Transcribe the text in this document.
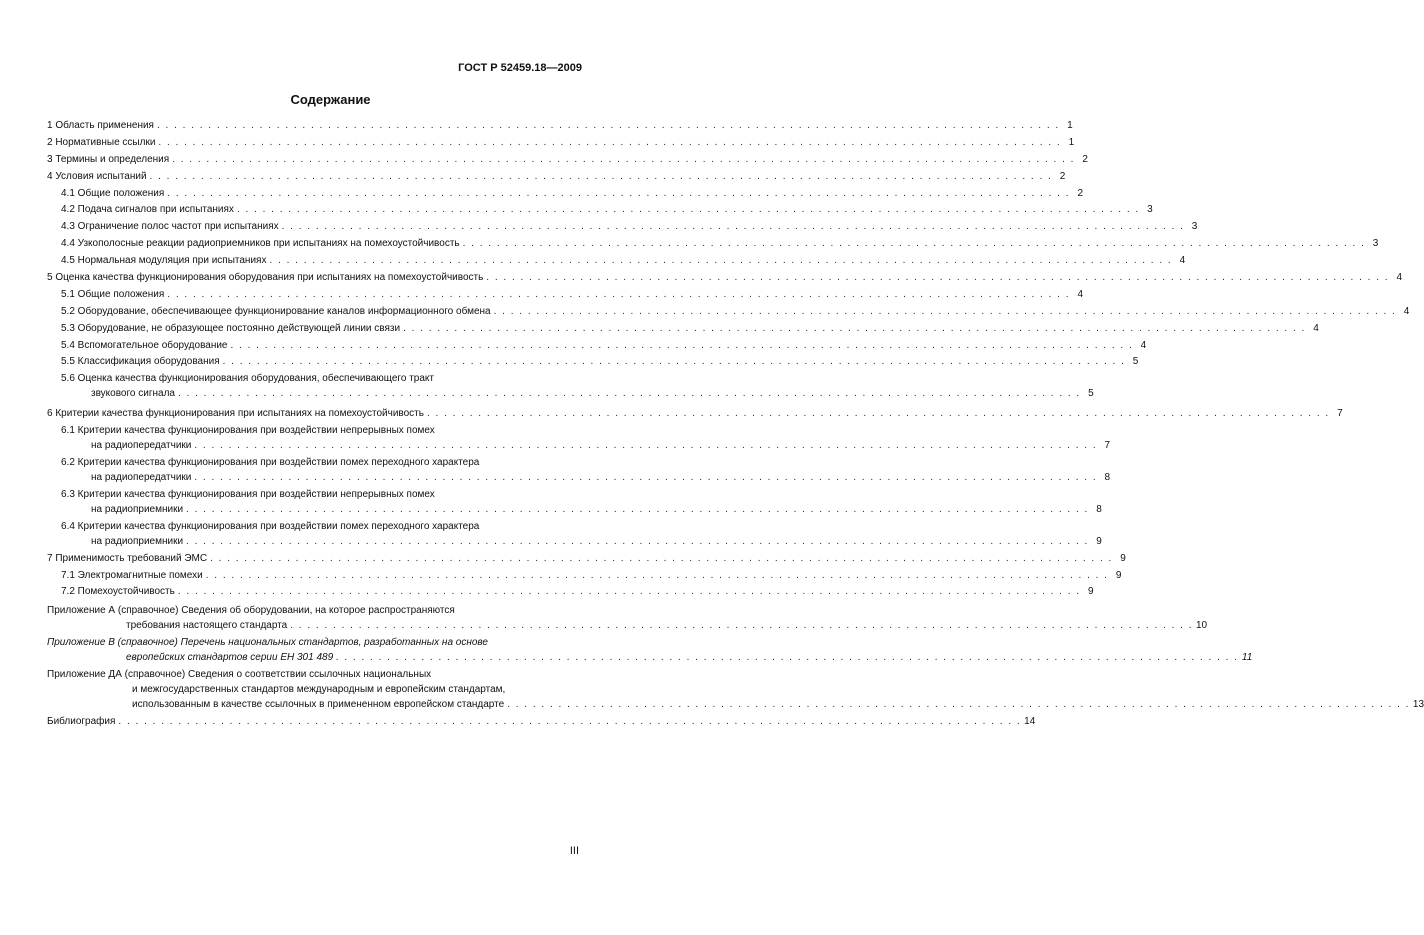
ГОСТ Р 52459.18—2009
Содержание
1 Область применения . . . . . . . . . . . . . . . . . . . . . . . . . . . . . . . . . . . . . . . . . . . . . . . . . . . . . . . . . . . . . . . . . . . . . . . . . . . . . . . . . . . . . . . . . . . . . . . . . . . . . . . . . . 1
2 Нормативные ссылки . . . . . . . . . . . . . . . . . . . . . . . . . . . . . . . . . . . . . . . . . . . . . . . . . . . . . . . . . . . . . . . . . . . . . . . . . . . . . . . . . . . . . . . . . . . . . . . . . . . . . . . . . . 1
3 Термины и определения . . . . . . . . . . . . . . . . . . . . . . . . . . . . . . . . . . . . . . . . . . . . . . . . . . . . . . . . . . . . . . . . . . . . . . . . . . . . . . . . . . . . . . . . . . . . . . . . . . . . . . . . . . 2
4 Условия испытаний . . . . . . . . . . . . . . . . . . . . . . . . . . . . . . . . . . . . . . . . . . . . . . . . . . . . . . . . . . . . . . . . . . . . . . . . . . . . . . . . . . . . . . . . . . . . . . . . . . . . . . . . . . 2
4.1 Общие положения . . . . . . . . . . . . . . . . . . . . . . . . . . . . . . . . . . . . . . . . . . . . . . . . . . . . . . . . . . . . . . . . . . . . . . . . . . . . . . . . . . . . . . . . . . . . . . . . . . . . . . . . . . 2
4.2 Подача сигналов при испытаниях . . . . . . . . . . . . . . . . . . . . . . . . . . . . . . . . . . . . . . . . . . . . . . . . . . . . . . . . . . . . . . . . . . . . . . . . . . . . . . . . . . . . . . . . . . . . . . . . . . . . . . . . . . 3
4.3 Ограничение полос частот при испытаниях . . . . . . . . . . . . . . . . . . . . . . . . . . . . . . . . . . . . . . . . . . . . . . . . . . . . . . . . . . . . . . . . . . . . . . . . . . . . . . . . . . . . . . . . . . . . . . . . . . . . . . . . . . 3
4.4 Узкополосные реакции радиоприемников при испытаниях на помехоустойчивость . . . . . . . . . . . . . . . . . . . . . . . . . . . . . . . . . . . . . . . . . . . . . . . . . . . . . . . . . . . . . . . . . . . . . . . . . . . . . . . . . . . . . . . . . . . . . . . . . . . . . . . . . . 3
4.5 Нормальная модуляция при испытаниях . . . . . . . . . . . . . . . . . . . . . . . . . . . . . . . . . . . . . . . . . . . . . . . . . . . . . . . . . . . . . . . . . . . . . . . . . . . . . . . . . . . . . . . . . . . . . . . . . . . . . . . . . . 4
5 Оценка качества функционирования оборудования при испытаниях на помехоустойчивость . . . . . . . . . . . . . . . . . . . . . . . . . . . . . . . . . . . . . . . . . . . . . . . . . . . . . . . . . . . . . . . . . . . . . . . . . . . . . . . . . . . . . . . . . . . . . . . . . . . . . . . . . . 4
5.1 Общие положения . . . . . . . . . . . . . . . . . . . . . . . . . . . . . . . . . . . . . . . . . . . . . . . . . . . . . . . . . . . . . . . . . . . . . . . . . . . . . . . . . . . . . . . . . . . . . . . . . . . . . . . . . . 4
5.2 Оборудование, обеспечивающее функционирование каналов информационного обмена . . . . . . . . . . . . . . . . . . . . . . . . . . . . . . . . . . . . . . . . . . . . . . . . . . . . . . . . . . . . . . . . . . . . . . . . . . . . . . . . . . . . . . . . . . . . . . . . . . . . . . . . . . 4
5.3 Оборудование, не образующее постоянно действующей линии связи . . . . . . . . . . . . . . . . . . . . . . . . . . . . . . . . . . . . . . . . . . . . . . . . . . . . . . . . . . . . . . . . . . . . . . . . . . . . . . . . . . . . . . . . . . . . . . . . . . . . . . . . . . 4
5.4 Вспомогательное оборудование . . . . . . . . . . . . . . . . . . . . . . . . . . . . . . . . . . . . . . . . . . . . . . . . . . . . . . . . . . . . . . . . . . . . . . . . . . . . . . . . . . . . . . . . . . . . . . . . . . . . . . . . . . 4
5.5 Классификация оборудования . . . . . . . . . . . . . . . . . . . . . . . . . . . . . . . . . . . . . . . . . . . . . . . . . . . . . . . . . . . . . . . . . . . . . . . . . . . . . . . . . . . . . . . . . . . . . . . . . . . . . . . . . . 5
5.6 Оценка качества функционирования оборудования, обеспечивающего тракт
звукового сигнала . . . . . . . . . . . . . . . . . . . . . . . . . . . . . . . . . . . . . . . . . . . . . . . . . . . . . . . . . . . . . . . . . . . . . . . . . . . . . . . . . . . . . . . . . . . . . . . . . . . . . . . . . . 5
6 Критерии качества функционирования при испытаниях на помехоустойчивость . . . . . . . . . . . . . . . . . . . . . . . . . . . . . . . . . . . . . . . . . . . . . . . . . . . . . . . . . . . . . . . . . . . . . . . . . . . . . . . . . . . . . . . . . . . . . . . . . . . . . . . . . . 7
6.1 Критерии качества функционирования при воздействии непрерывных помех
на радиопередатчики . . . . . . . . . . . . . . . . . . . . . . . . . . . . . . . . . . . . . . . . . . . . . . . . . . . . . . . . . . . . . . . . . . . . . . . . . . . . . . . . . . . . . . . . . . . . . . . . . . . . . . . . . . 7
6.2 Критерии качества функционирования при воздействии помех переходного характера
на радиопередатчики . . . . . . . . . . . . . . . . . . . . . . . . . . . . . . . . . . . . . . . . . . . . . . . . . . . . . . . . . . . . . . . . . . . . . . . . . . . . . . . . . . . . . . . . . . . . . . . . . . . . . . . . . . 8
6.3 Критерии качества функционирования при воздействии непрерывных помех
на радиоприемники . . . . . . . . . . . . . . . . . . . . . . . . . . . . . . . . . . . . . . . . . . . . . . . . . . . . . . . . . . . . . . . . . . . . . . . . . . . . . . . . . . . . . . . . . . . . . . . . . . . . . . . . . . 8
6.4 Критерии качества функционирования при воздействии помех переходного характера
на радиоприемники . . . . . . . . . . . . . . . . . . . . . . . . . . . . . . . . . . . . . . . . . . . . . . . . . . . . . . . . . . . . . . . . . . . . . . . . . . . . . . . . . . . . . . . . . . . . . . . . . . . . . . . . . . 9
7 Применимость требований ЭМС . . . . . . . . . . . . . . . . . . . . . . . . . . . . . . . . . . . . . . . . . . . . . . . . . . . . . . . . . . . . . . . . . . . . . . . . . . . . . . . . . . . . . . . . . . . . . . . . . . . . . . . . . . 9
7.1 Электромагнитные помехи . . . . . . . . . . . . . . . . . . . . . . . . . . . . . . . . . . . . . . . . . . . . . . . . . . . . . . . . . . . . . . . . . . . . . . . . . . . . . . . . . . . . . . . . . . . . . . . . . . . . . . . . . . 9
7.2 Помехоустойчивость . . . . . . . . . . . . . . . . . . . . . . . . . . . . . . . . . . . . . . . . . . . . . . . . . . . . . . . . . . . . . . . . . . . . . . . . . . . . . . . . . . . . . . . . . . . . . . . . . . . . . . . . . . 9
Приложение А (справочное) Сведения об оборудовании, на которое распространяются
требования настоящего стандарта . . . . . . . . . . . . . . . . . . . . . . . . . . . . . . . . . . . . . . . . . . . . . . . . . . . . . . . . . . . . . . . . . . . . . . . . . . . . . . . . . . . . . . . . . . . . . . . . . . . . . . . . . . 10
Приложение В (справочное) Перечень национальных стандартов, разработанных на основе
европейских стандартов серии ЕН 301 489 . . . . . . . . . . . . . . . . . . . . . . . . . . . . . . . . . . . . . . . . . . . . . . . . . . . . . . . . . . . . . . . . . . . . . . . . . . . . . . . . . . . . . . . . . . . . . . . . . . . . . . . . . . 11
Приложение ДА (справочное) Сведения о соответствии ссылочных национальных
и межгосударственных стандартов международным и европейским стандартам,
использованным в качестве ссылочных в примененном европейском стандарте . . . . . . . . . . . . . . . . . . . . . . . . . . . . . . . . . . . . . . . . . . . . . . . . . . . . . . . . . . . . . . . . . . . . . . . . . . . . . . . . . . . . . . . . . . . . . . . . . . . . . . . . . . 13
Библиография . . . . . . . . . . . . . . . . . . . . . . . . . . . . . . . . . . . . . . . . . . . . . . . . . . . . . . . . . . . . . . . . . . . . . . . . . . . . . . . . . . . . . . . . . . . . . . . . . . . . . . . . . . 14
III
